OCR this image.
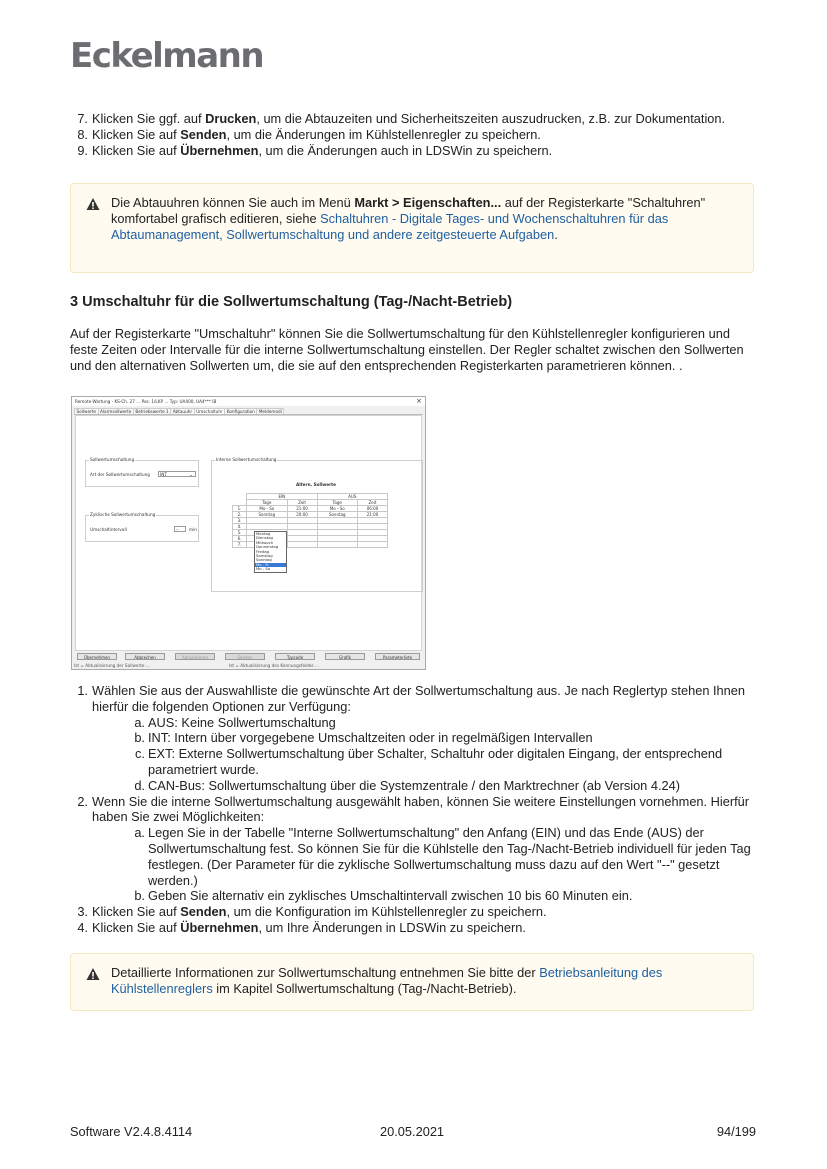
Eckelmann
7. Klicken Sie ggf. auf Drucken, um die Abtauzeiten und Sicherheitszeiten auszudrucken, z.B. zur Dokumentation.
8. Klicken Sie auf Senden, um die Änderungen im Kühlstellenregler zu speichern.
9. Klicken Sie auf Übernehmen, um die Änderungen auch in LDSWin zu speichern.
Die Abtauuhren können Sie auch im Menü Markt > Eigenschaften... auf der Registerkarte "Schaltuhren" komfortabel grafisch editieren, siehe Schaltuhren - Digitale Tages- und Wochenschaltuhren für das Abtaumanagement, Sollwertumschaltung und andere zeitgesteuerte Aufgaben.
3 Umschaltuhr für die Sollwertumschaltung (Tag-/Nacht-Betrieb)
Auf der Registerkarte "Umschaltuhr" können Sie die Sollwertumschaltung für den Kühlstellenregler konfigurieren und feste Zeiten oder Intervalle für die interne Sollwertumschaltung einstellen. Der Regler schaltet zwischen den Sollwerten und den alternativen Sollwerten um, die sie auf den entsprechenden Registerkarten parametrieren können. .
Remote-Wartung - KS-Ch. 27 ... Pos. 1/LKP ... Typ: UA400, UA4*** IB	×
Sollwerte Alarmsollwerte Betriebswerte 1 Abtauuhr Umschaltuhr Konfiguration Meldemodi
Sollwertumschaltung
Art der Sollwertumschaltung	INT	⌄
Zyklische Sollwertumschaltung
Umschaltintervall	--	min
Interne Sollwertumschaltung
Altern. Sollwerte
	EIN		AUS	
	Tage	Zeit	Tage	Zeit
1.	Mo - So	21:00	Mo - So	06:00
2.	Sonntag	20:00	Sonntag	21:00
3.				
4.				
5.				
6.				
7.				
Montag
Dienstag
Mittwoch
Donnerstag
Freitag
Samstag
Sonntag
Mo - Fr
Mo - So
Übernehmen	Abbrechen	Aktualisieren	Senden	Typcode	Grafik	Parameterliste
Ist = Aktualisierung der Sollwerte ...	Ist = Aktualisierung des Kennungsfeldes ...
1. Wählen Sie aus der Auswahlliste die gewünschte Art der Sollwertumschaltung aus. Je nach Reglertyp stehen Ihnen hierfür die folgenden Optionen zur Verfügung:
a. AUS: Keine Sollwertumschaltung
b. INT: Intern über vorgegebene Umschaltzeiten oder in regelmäßigen Intervallen
c. EXT: Externe Sollwertumschaltung über Schalter, Schaltuhr oder digitalen Eingang, der entsprechend parametriert wurde.
d. CAN-Bus: Sollwertumschaltung über die Systemzentrale / den Marktrechner (ab Version 4.24)
2. Wenn Sie die interne Sollwertumschaltung ausgewählt haben, können Sie weitere Einstellungen vornehmen. Hierfür haben Sie zwei Möglichkeiten:
a. Legen Sie in der Tabelle "Interne Sollwertumschaltung" den Anfang (EIN) und das Ende (AUS) der Sollwertumschaltung fest. So können Sie für die Kühlstelle den Tag-/Nacht-Betrieb individuell für jeden Tag festlegen. (Der Parameter für die zyklische Sollwertumschaltung muss dazu auf den Wert "--" gesetzt werden.)
b. Geben Sie alternativ ein zyklisches Umschaltintervall zwischen 10 bis 60 Minuten ein.
3. Klicken Sie auf Senden, um die Konfiguration im Kühlstellenregler zu speichern.
4. Klicken Sie auf Übernehmen, um Ihre Änderungen in LDSWin zu speichern.
Detaillierte Informationen zur Sollwertumschaltung entnehmen Sie bitte der Betriebsanleitung des Kühlstellenreglers im Kapitel Sollwertumschaltung (Tag-/Nacht-Betrieb).
Software V2.4.8.4114	20.05.2021	94/199
